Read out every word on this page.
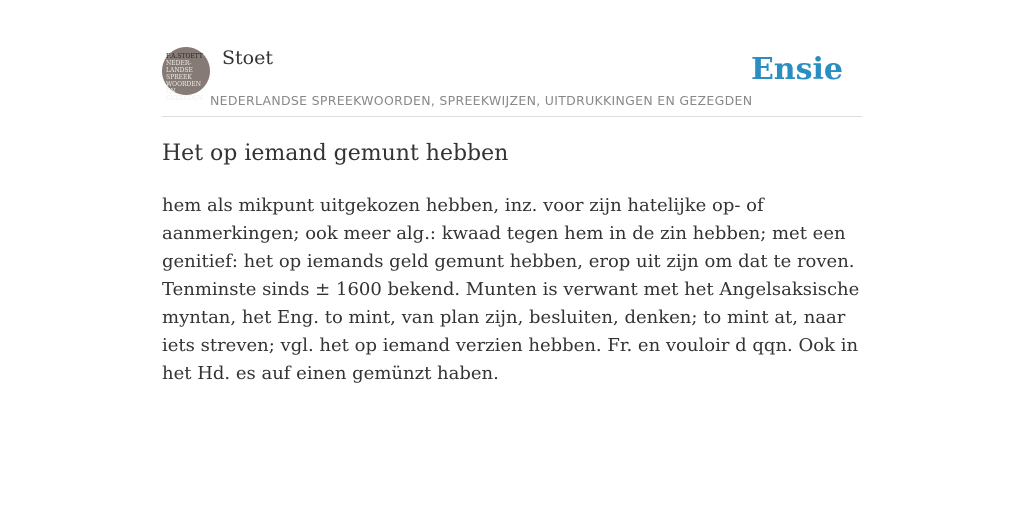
F.A.STOETT
NEDER-
LANDSE
SPREEK
WOORDEN EN
GEZEGDEN
Stoet
NEDERLANDSE SPREEKWOORDEN, SPREEKWIJZEN, UITDRUKKINGEN EN GEZEGDEN
Ensie
Het op iemand gemunt hebben

hem als mikpunt uitgekozen hebben, inz. voor zijn hatelijke op- of aanmerkingen; ook meer alg.: kwaad tegen hem in de zin hebben; met een genitief: het op iemands geld gemunt hebben, erop uit zijn om dat te roven. Tenminste sinds ± 1600 bekend. Munten is verwant met het Angelsaksische myntan, het Eng. to mint, van plan zijn, besluiten, denken; to mint at, naar iets streven; vgl. het op iemand verzien hebben. Fr. en vouloir d qqn. Ook in het Hd. es auf einen gemünzt haben.
